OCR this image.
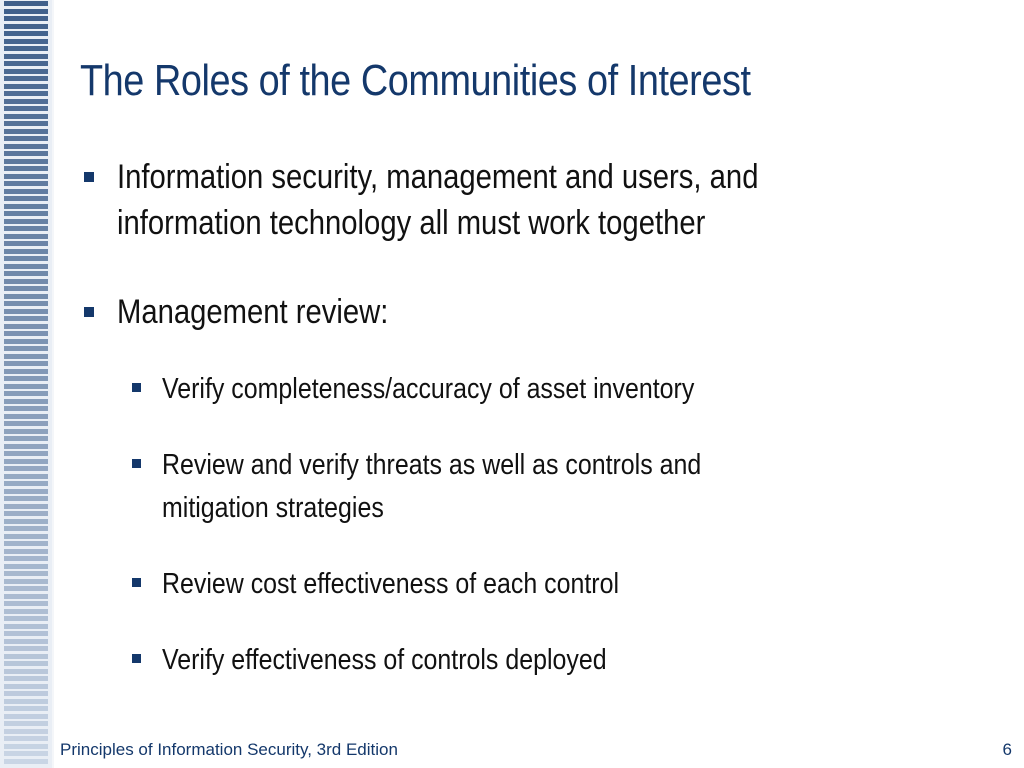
The Roles of the Communities of Interest
Information security, management and users, and
information technology all must work together
Management review:
Verify completeness/accuracy of asset inventory
Review and verify threats as well as controls and
mitigation strategies
Review cost effectiveness of each control
Verify effectiveness of controls deployed
Principles of Information Security, 3rd Edition	6
